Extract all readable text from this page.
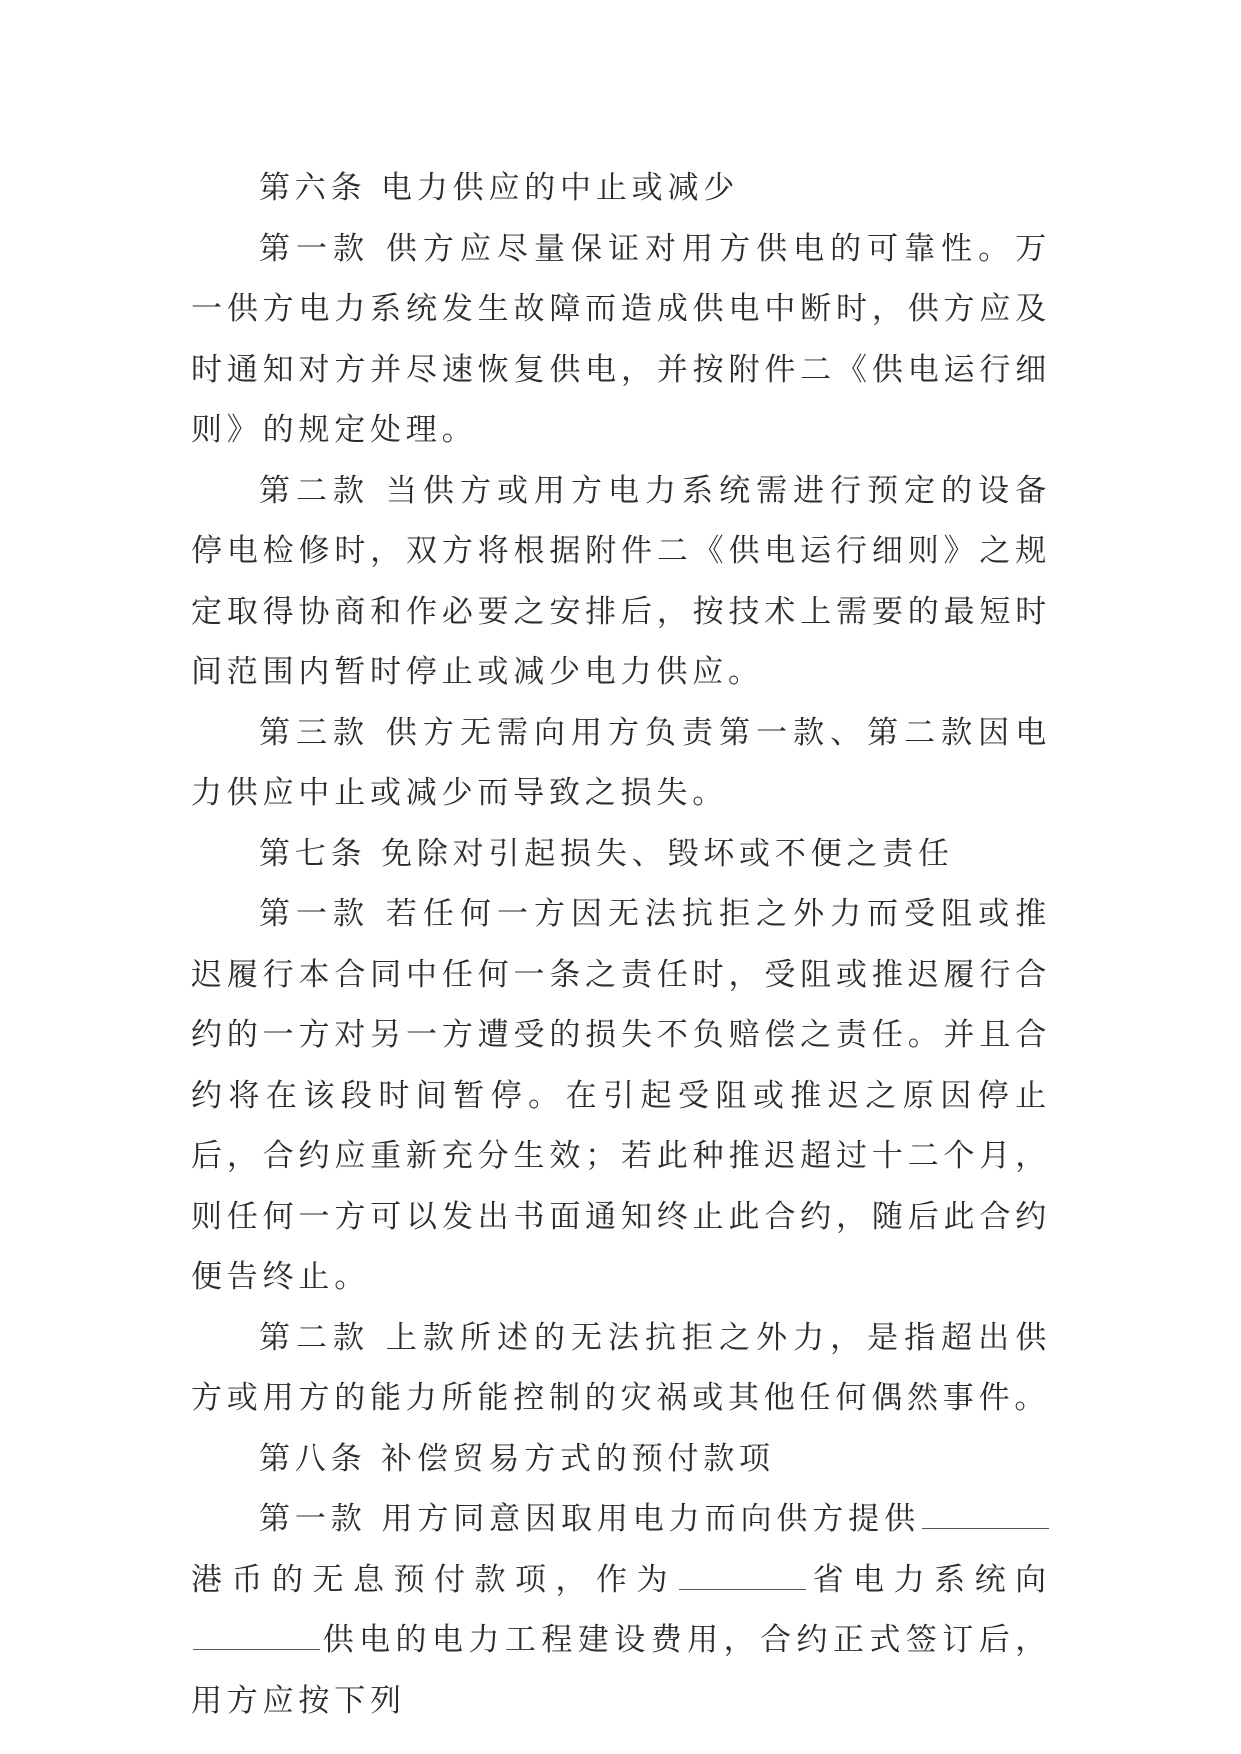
第六条 电力供应的中止或减少

第一款 供方应尽量保证对用方供电的可靠性。万一供方电力系统发生故障而造成供电中断时，供方应及时通知对方并尽速恢复供电，并按附件二《供电运行细则》的规定处理。

第二款 当供方或用方电力系统需进行预定的设备停电检修时，双方将根据附件二《供电运行细则》之规定取得协商和作必要之安排后，按技术上需要的最短时间范围内暂时停止或减少电力供应。

第三款 供方无需向用方负责第一款、第二款因电力供应中止或减少而导致之损失。

第七条 免除对引起损失、毁坏或不便之责任

第一款 若任何一方因无法抗拒之外力而受阻或推迟履行本合同中任何一条之责任时，受阻或推迟履行合约的一方对另一方遭受的损失不负赔偿之责任。并且合约将在该段时间暂停。在引起受阻或推迟之原因停止后，合约应重新充分生效；若此种推迟超过十二个月，则任何一方可以发出书面通知终止此合约，随后此合约便告终止。

第二款 上款所述的无法抗拒之外力，是指超出供方或用方的能力所能控制的灾祸或其他任何偶然事件。

第八条 补偿贸易方式的预付款项

第一款 用方同意因取用电力而向供方提供港币的无息预付款项，作为	省电力系统向供电的电力工程建设费用，合约正式签订后，用方应按下列
